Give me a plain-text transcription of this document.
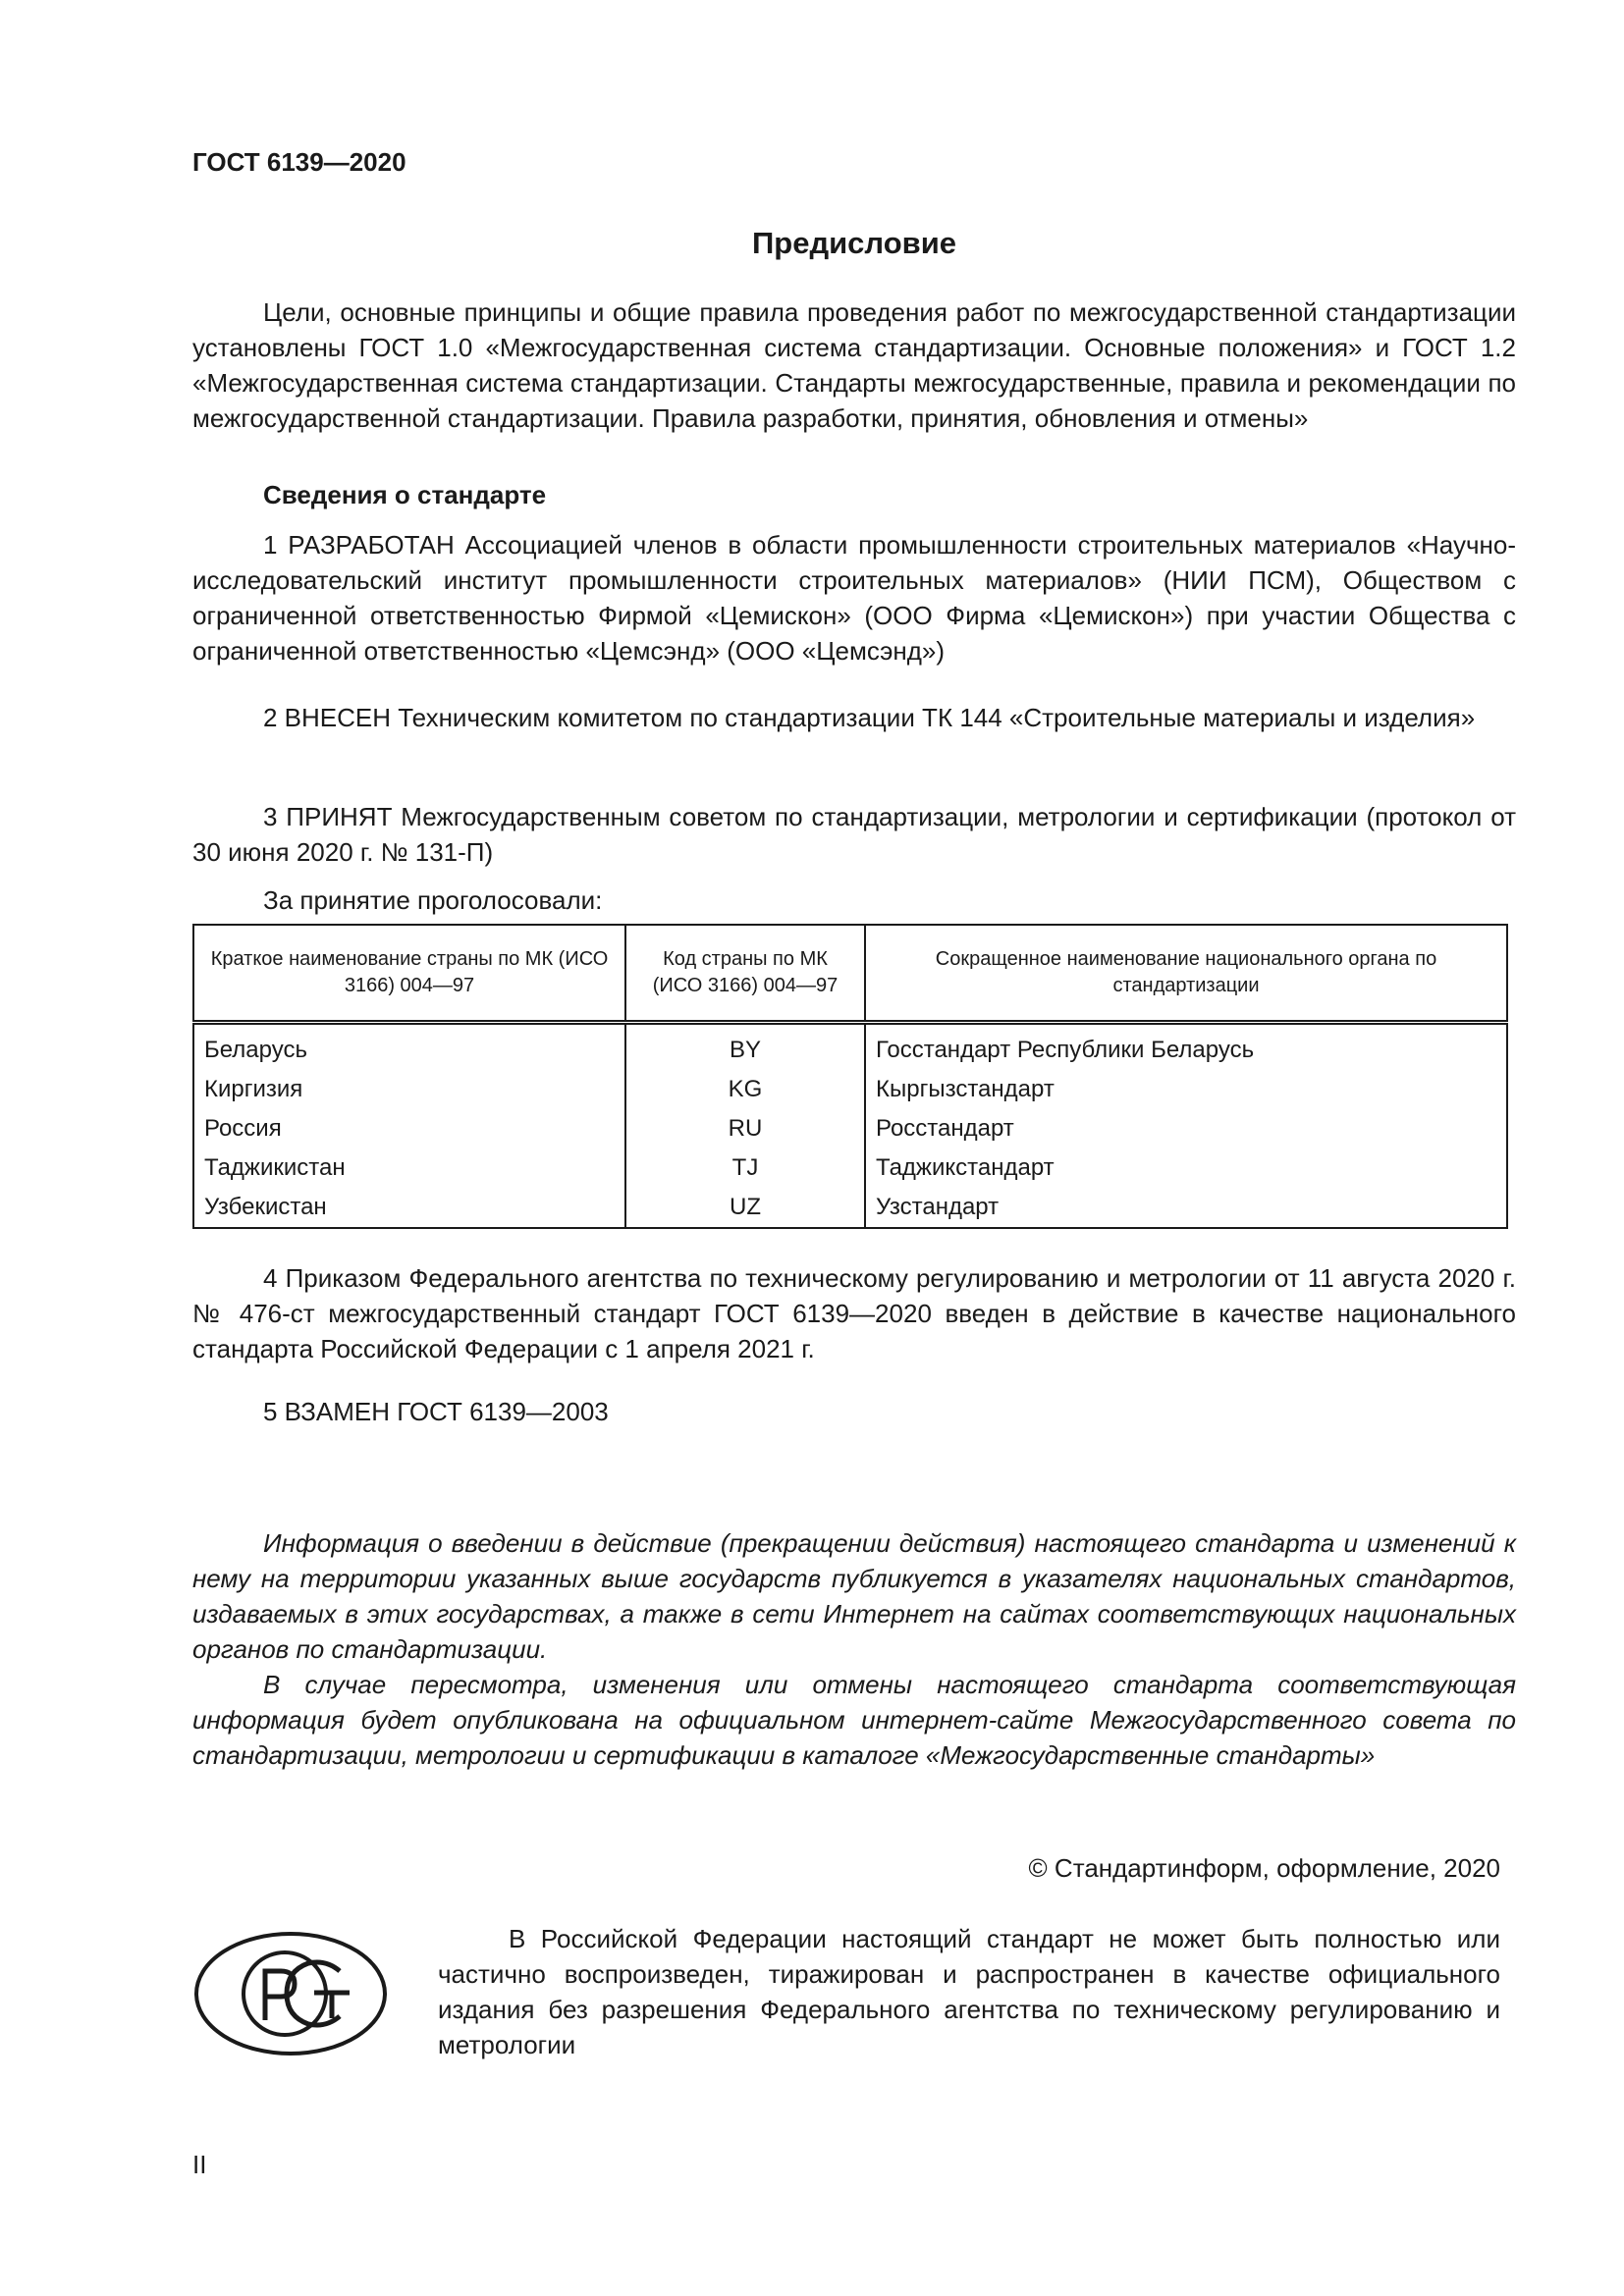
ГОСТ 6139—2020
Предисловие

Цели, основные принципы и общие правила проведения работ по межгосударственной стандартизации установлены ГОСТ 1.0 «Межгосударственная система стандартизации. Основные положения» и ГОСТ 1.2 «Межгосударственная система стандартизации. Стандарты межгосударственные, правила и рекомендации по межгосударственной стандартизации. Правила разработки, принятия, обновления и отмены»

Сведения о стандарте

1 РАЗРАБОТАН Ассоциацией членов в области промышленности строительных материалов «Научно-исследовательский институт промышленности строительных материалов» (НИИ ПСМ), Обществом с ограниченной ответственностью Фирмой «Цемискон» (ООО Фирма «Цемискон») при участии Общества с ограниченной ответственностью «Цемсэнд» (ООО «Цемсэнд»)

2 ВНЕСЕН Техническим комитетом по стандартизации ТК 144 «Строительные материалы и изделия»

3 ПРИНЯТ Межгосударственным советом по стандартизации, метрологии и сертификации (протокол от 30 июня 2020 г. № 131-П)

За принятие проголосовали:
Краткое наименование страны по МК (ИСО 3166) 004—97	Код страны по МК (ИСО 3166) 004—97	Сокращенное наименование национального органа по стандартизации
Беларусь	BY	Госстандарт Республики Беларусь
Киргизия	KG	Кыргызстандарт
Россия	RU	Росстандарт
Таджикистан	TJ	Таджикстандарт
Узбекистан	UZ	Узстандарт

4 Приказом Федерального агентства по техническому регулированию и метрологии от 11 августа 2020 г. № 476-ст межгосударственный стандарт ГОСТ 6139—2020 введен в действие в качестве национального стандарта Российской Федерации с 1 апреля 2021 г.

5 ВЗАМЕН ГОСТ 6139—2003

Информация о введении в действие (прекращении действия) настоящего стандарта и изменений к нему на территории указанных выше государств публикуется в указателях национальных стандартов, издаваемых в этих государствах, а также в сети Интернет на сайтах соответствующих национальных органов по стандартизации.

В случае пересмотра, изменения или отмены настоящего стандарта соответствующая информация будет опубликована на официальном интернет-сайте Межгосударственного совета по стандартизации, метрологии и сертификации в каталоге «Межгосударственные стандарты»

© Стандартинформ, оформление, 2020

В Российской Федерации настоящий стандарт не может быть полностью или частично воспроизведен, тиражирован и распространен в качестве официального издания без разрешения Федерального агентства по техническому регулированию и метрологии

II
